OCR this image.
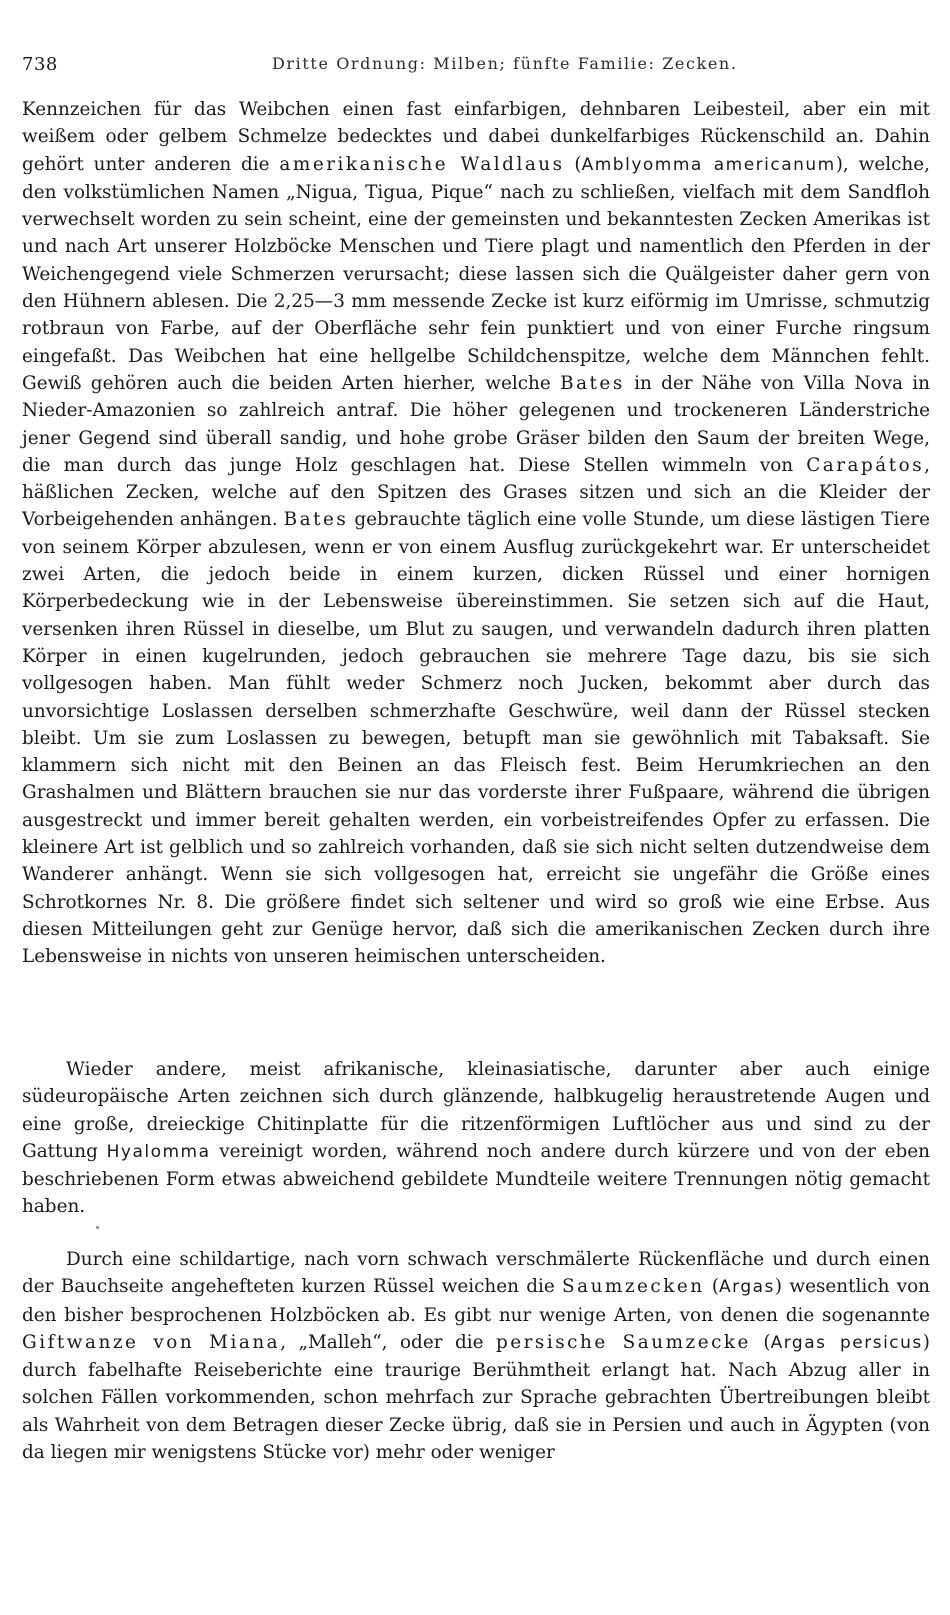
738	Dritte Ordnung: Milben; fünfte Familie: Zecken.

Kennzeichen für das Weibchen einen fast einfarbigen, dehnbaren Leibesteil, aber ein mit weißem oder gelbem Schmelze bedecktes und dabei dunkelfarbiges Rückenschild an. Dahin gehört unter anderen die amerikanische Waldlaus (Amblyomma americanum), welche, den volkstümlichen Namen „Nigua, Tigua, Pique“ nach zu schließen, vielfach mit dem Sandfloh verwechselt worden zu sein scheint, eine der gemeinsten und bekanntesten Zecken Amerikas ist und nach Art unserer Holzböcke Menschen und Tiere plagt und namentlich den Pferden in der Weichengegend viele Schmerzen verursacht; diese lassen sich die Quälgeister daher gern von den Hühnern ablesen. Die 2,25—3 mm messende Zecke ist kurz eiförmig im Umrisse, schmutzig rotbraun von Farbe, auf der Oberfläche sehr fein punktiert und von einer Furche ringsum eingefaßt. Das Weibchen hat eine hellgelbe Schildchenspitze, welche dem Männchen fehlt. Gewiß gehören auch die beiden Arten hierher, welche Bates in der Nähe von Villa Nova in Nieder-Amazonien so zahlreich antraf. Die höher gelegenen und trockeneren Länderstriche jener Gegend sind überall sandig, und hohe grobe Gräser bilden den Saum der breiten Wege, die man durch das junge Holz geschlagen hat. Diese Stellen wimmeln von Carapátos, häßlichen Zecken, welche auf den Spitzen des Grases sitzen und sich an die Kleider der Vorbeigehenden anhängen. Bates gebrauchte täglich eine volle Stunde, um diese lästigen Tiere von seinem Körper abzulesen, wenn er von einem Ausflug zurückgekehrt war. Er unterscheidet zwei Arten, die jedoch beide in einem kurzen, dicken Rüssel und einer hornigen Körperbedeckung wie in der Lebensweise übereinstimmen. Sie setzen sich auf die Haut, versenken ihren Rüssel in dieselbe, um Blut zu saugen, und verwandeln dadurch ihren platten Körper in einen kugelrunden, jedoch gebrauchen sie mehrere Tage dazu, bis sie sich vollgesogen haben. Man fühlt weder Schmerz noch Jucken, bekommt aber durch das unvorsichtige Loslassen derselben schmerzhafte Geschwüre, weil dann der Rüssel stecken bleibt. Um sie zum Loslassen zu bewegen, betupft man sie gewöhnlich mit Tabaksaft. Sie klammern sich nicht mit den Beinen an das Fleisch fest. Beim Herumkriechen an den Grashalmen und Blättern brauchen sie nur das vorderste ihrer Fußpaare, während die übrigen ausgestreckt und immer bereit gehalten werden, ein vorbeistreifendes Opfer zu erfassen. Die kleinere Art ist gelblich und so zahlreich vorhanden, daß sie sich nicht selten dutzendweise dem Wanderer anhängt. Wenn sie sich vollgesogen hat, erreicht sie ungefähr die Größe eines Schrotkornes Nr. 8. Die größere findet sich seltener und wird so groß wie eine Erbse. Aus diesen Mitteilungen geht zur Genüge hervor, daß sich die amerikanischen Zecken durch ihre Lebensweise in nichts von unseren heimischen unterscheiden.

Wieder andere, meist afrikanische, kleinasiatische, darunter aber auch einige südeuropäische Arten zeichnen sich durch glänzende, halbkugelig heraustretende Augen und eine große, dreieckige Chitinplatte für die ritzenförmigen Luftlöcher aus und sind zu der Gattung Hyalomma vereinigt worden, während noch andere durch kürzere und von der eben beschriebenen Form etwas abweichend gebildete Mundteile weitere Trennungen nötig gemacht haben.

Durch eine schildartige, nach vorn schwach verschmälerte Rückenfläche und durch einen der Bauchseite angehefteten kurzen Rüssel weichen die Saumzecken (Argas) wesentlich von den bisher besprochenen Holzböcken ab. Es gibt nur wenige Arten, von denen die sogenannte Giftwanze von Miana, „Malleh“, oder die persische Saumzecke (Argas persicus) durch fabelhafte Reiseberichte eine traurige Berühmtheit erlangt hat. Nach Abzug aller in solchen Fällen vorkommenden, schon mehrfach zur Sprache gebrachten Übertreibungen bleibt als Wahrheit von dem Betragen dieser Zecke übrig, daß sie in Persien und auch in Ägypten (von da liegen mir wenigstens Stücke vor) mehr oder weniger
